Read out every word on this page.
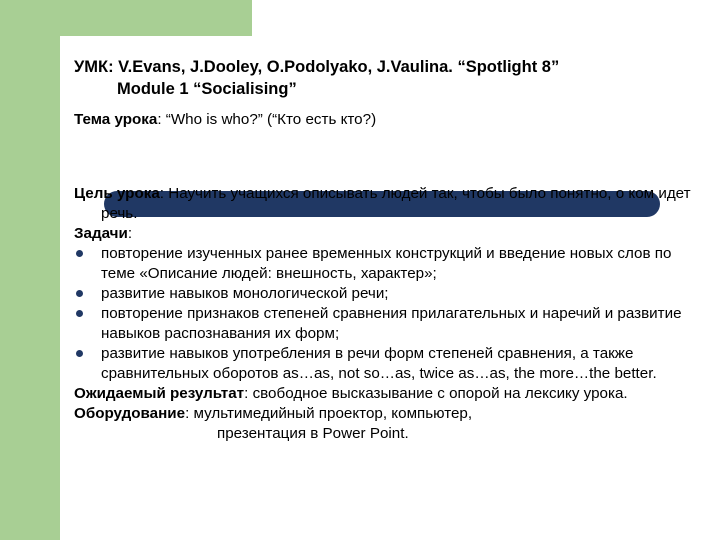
УМК: V.Evans, J.Dooley, O.Podolyako, J.Vaulina. “Spotlight 8”
Module 1 “Socialising”
Тема урока: “Who is who?” (“Кто есть кто?)
Цель урока: Научить учащихся описывать людей так, чтобы было понятно, о ком идет речь.
Задачи:
повторение изученных ранее временных конструкций и введение новых слов по теме «Описание людей: внешность, характер»;
развитие навыков монологической речи;
повторение признаков степеней сравнения прилагательных и наречий и развитие навыков распознавания их форм;
развитие навыков употребления в речи форм степеней сравнения, а также сравнительных оборотов as…as, not so…as, twice as…as, the more…the better.
Ожидаемый результат: свободное высказывание с опорой на лексику урока.
Оборудование: мультимедийный проектор, компьютер,
презентация в Power Point.
